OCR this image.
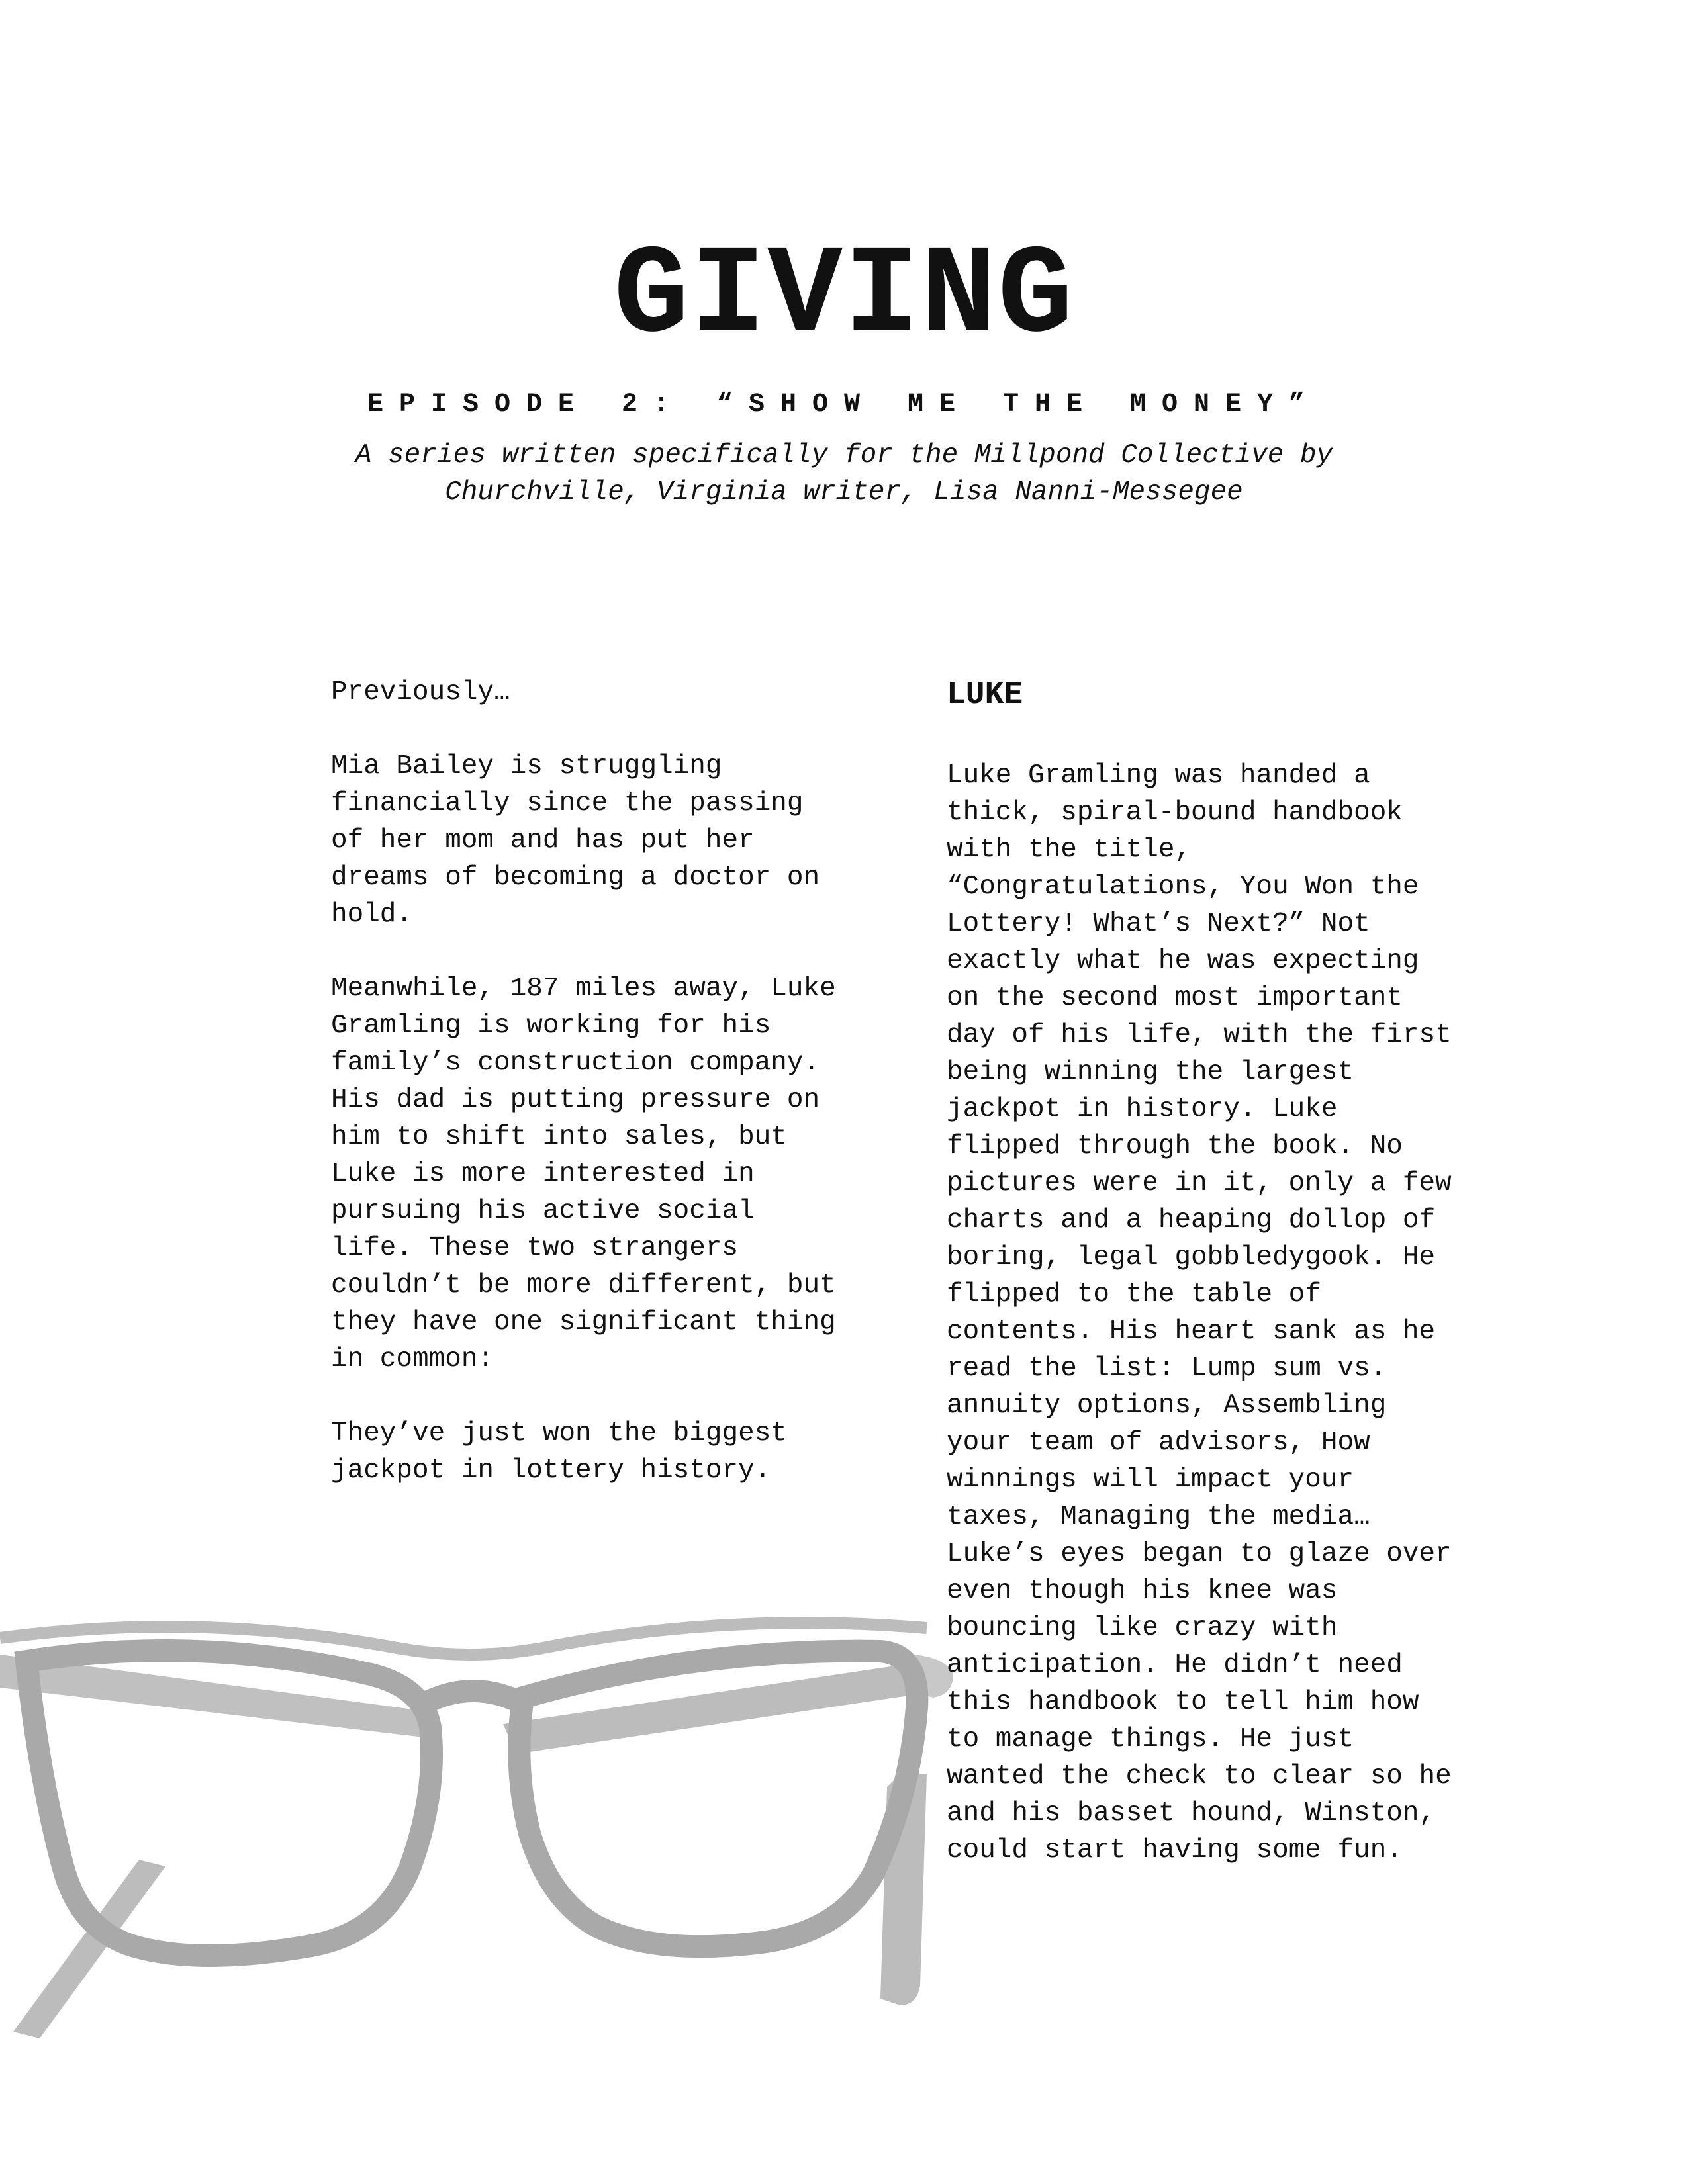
GIVING
EPISODE 2: “SHOW ME THE MONEY”
A series written specifically for the Millpond Collective by
Churchville, Virginia writer, Lisa Nanni-Messegee

Previously…

Mia Bailey is struggling
financially since the passing
of her mom and has put her
dreams of becoming a doctor on
hold.

Meanwhile, 187 miles away, Luke
Gramling is working for his
family’s construction company.
His dad is putting pressure on
him to shift into sales, but
Luke is more interested in
pursuing his active social
life. These two strangers
couldn’t be more different, but
they have one significant thing
in common:

They’ve just won the biggest
jackpot in lottery history.

LUKE

Luke Gramling was handed a
thick, spiral-bound handbook
with the title,
“Congratulations, You Won the
Lottery! What’s Next?” Not
exactly what he was expecting
on the second most important
day of his life, with the first
being winning the largest
jackpot in history. Luke
flipped through the book. No
pictures were in it, only a few
charts and a heaping dollop of
boring, legal gobbledygook. He
flipped to the table of
contents. His heart sank as he
read the list: Lump sum vs.
annuity options, Assembling
your team of advisors, How
winnings will impact your
taxes, Managing the media…
Luke’s eyes began to glaze over
even though his knee was
bouncing like crazy with
anticipation. He didn’t need
this handbook to tell him how
to manage things. He just
wanted the check to clear so he
and his basset hound, Winston,
could start having some fun.
